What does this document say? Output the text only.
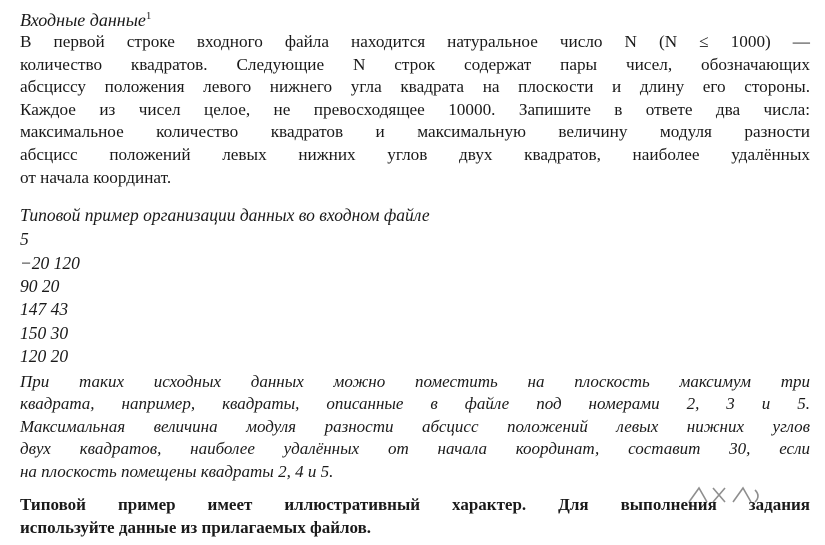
Входные данные$^1$

В первой строке входного файла находится натуральное число N (N ≤ 1000) —
количество квадратов. Следующие N строк содержат пары чисел, обозначающих
абсциссу положения левого нижнего угла квадрата на плоскости и длину его стороны.
Каждое из чисел целое, не превосходящее 10000. Запишите в ответе два числа:
максимальное количество квадратов и максимальную величину модуля разности
абсцисс положений левых нижних углов двух квадратов, наиболее удалённых
от начала координат.

Типовой пример организации данных во входном файле

5
−20 120
90 20
147 43
150 30
120 20
При таких исходных данных можно поместить на плоскость максимум три
квадрата, например, квадраты, описанные в файле под номерами 2, 3 и 5.
Максимальная величина модуля разности абсцисс положений левых нижних углов
двух квадратов, наиболее удалённых от начала координат, составит 30, если
на плоскость помещены квадраты 2, 4 и 5.
Типовой пример имеет иллюстративный характер. Для выполнения задания
используйте данные из прилагаемых файлов.
